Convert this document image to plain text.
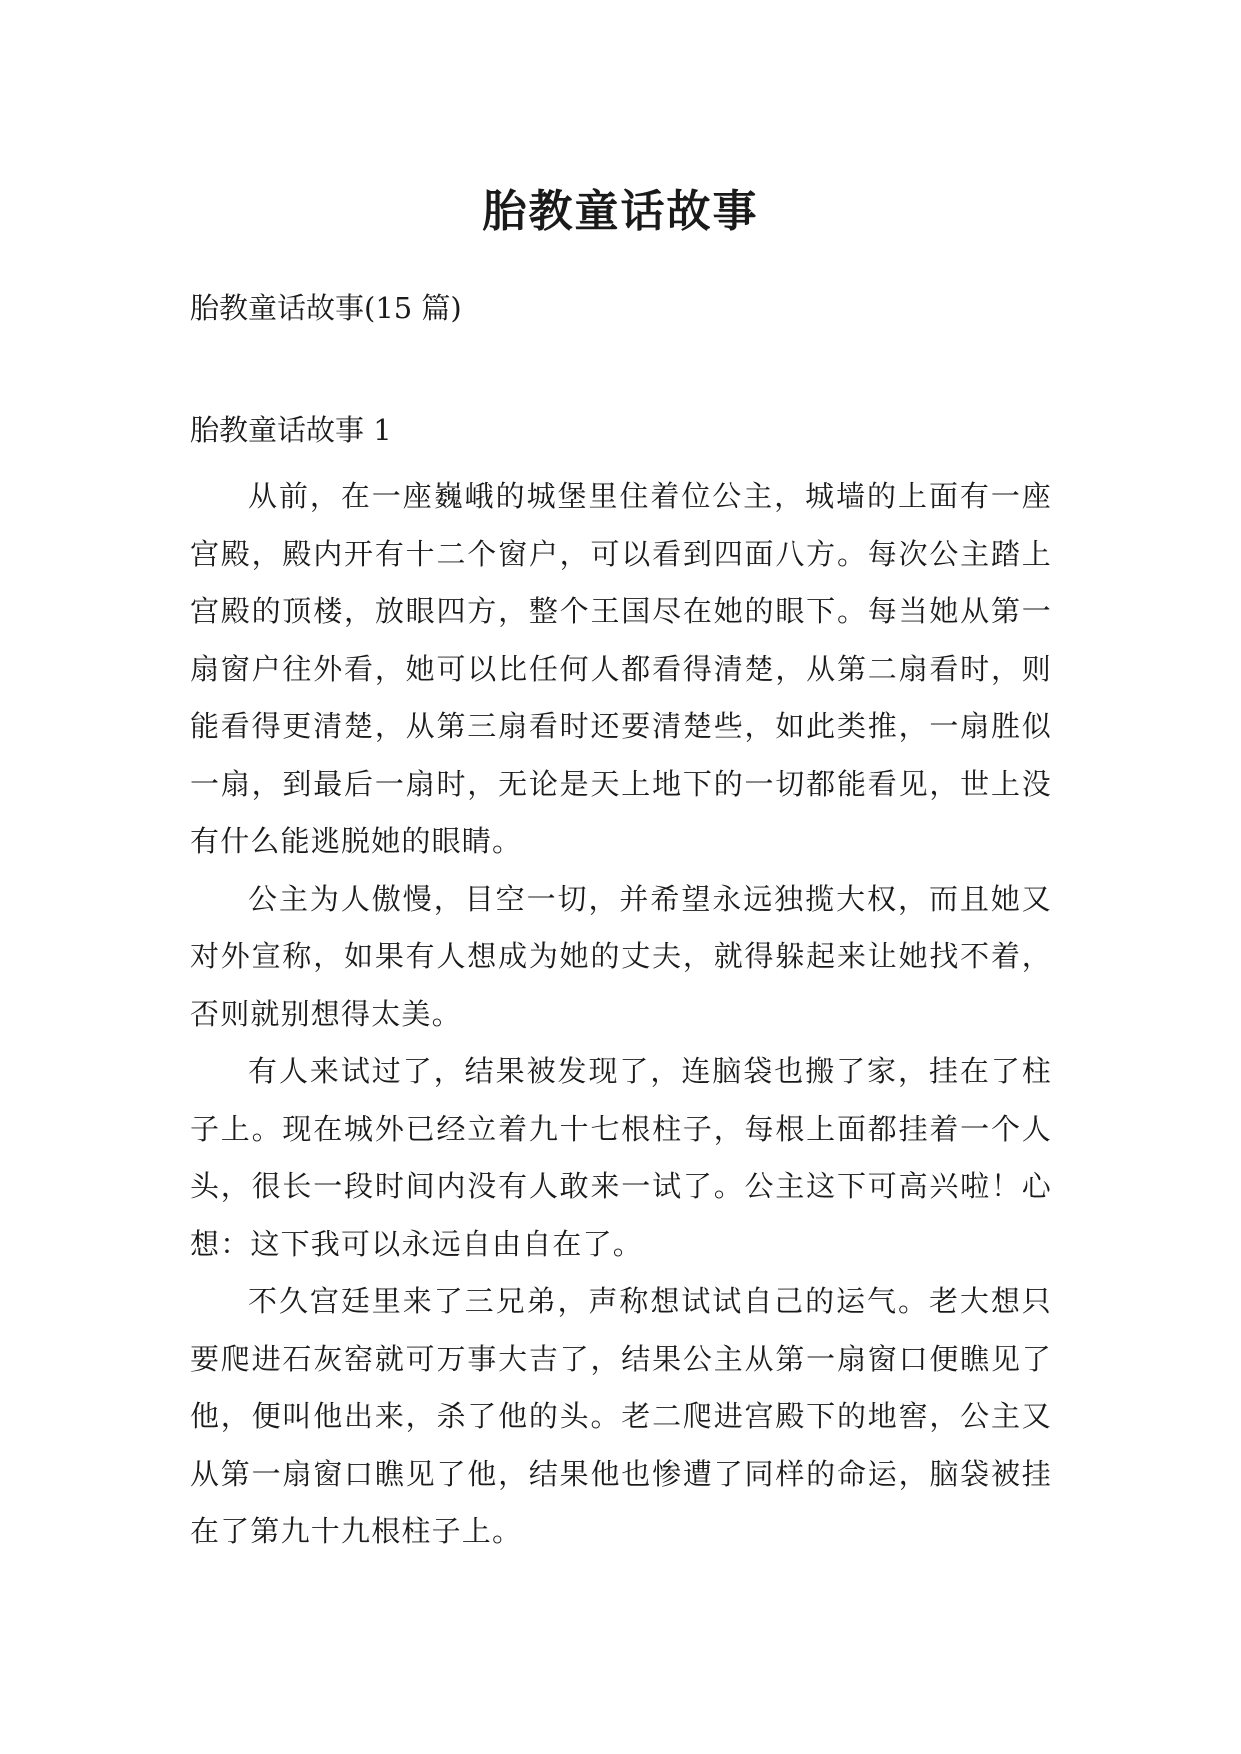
胎教童话故事
胎教童话故事(15 篇)
胎教童话故事 1

从前，在一座巍峨的城堡里住着位公主，城墙的上面有一座宫殿，殿内开有十二个窗户，可以看到四面八方。每次公主踏上宫殿的顶楼，放眼四方，整个王国尽在她的眼下。每当她从第一扇窗户往外看，她可以比任何人都看得清楚，从第二扇看时，则能看得更清楚，从第三扇看时还要清楚些，如此类推，一扇胜似一扇，到最后一扇时，无论是天上地下的一切都能看见，世上没有什么能逃脱她的眼睛。

公主为人傲慢，目空一切，并希望永远独揽大权，而且她又对外宣称，如果有人想成为她的丈夫，就得躲起来让她找不着，否则就别想得太美。

有人来试过了，结果被发现了，连脑袋也搬了家，挂在了柱子上。现在城外已经立着九十七根柱子，每根上面都挂着一个人头，很长一段时间内没有人敢来一试了。公主这下可高兴啦！心想：这下我可以永远自由自在了。

不久宫廷里来了三兄弟，声称想试试自己的运气。老大想只要爬进石灰窑就可万事大吉了，结果公主从第一扇窗口便瞧见了他，便叫他出来，杀了他的头。老二爬进宫殿下的地窖，公主又从第一扇窗口瞧见了他，结果他也惨遭了同样的命运，脑袋被挂在了第九十九根柱子上。
